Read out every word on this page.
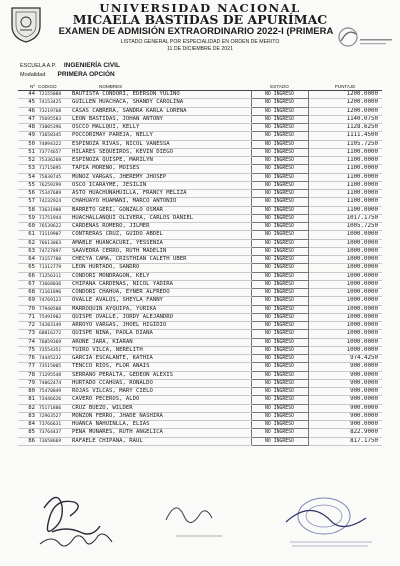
UNIVERSIDAD NACIONAL
MICAELA BASTIDAS DE APURÍMAC
EXAMEN DE ADMISIÓN EXTRAORDINARIO 2022-I (PRIMERA
LISTADO GENERAL POR ESPECIALIDAD EN ORDEN DE MERITO
11 DE DICIEMBRE DE 2021
ESCUELA A.P. INGENIERÍA CIVIL
Modalidad PRIMERA OPCIÓN
Nº	CODIGO	NOMBRES	ESTADO	PUNTAJE
44	72155088	BAUTISTA CONDORI, EDERSON YULIÑO	NO INGRESO	1200.0000
45	74153425	GUILLÉN HUACHACA, SHANDY CAROLINA	NO INGRESO	1200.0000
46	73219768	CASAS CABRERA, SANDRA KARLA LORENA	NO INGRESO	1200.0000
47	75695583	LEÓN BASTIDAS, JOHAN ANTONY	NO INGRESO	1140.0750
48	73005396	OSCCO MALLQUI, KELLY	NO INGRESO	1128.6250
49	73658345	POCCORIMAY PAREJA, NELLY	NO INGRESO	1111.4500
50	74894322	ESPINOZA RIVAS, NICOL VANESSA	NO INGRESO	1105.7250
51	73774657	HILARES SEQUEIROS, KEVIN DIEGO	NO INGRESO	1100.0000
52	75336268	ESPINOZA QUISPE, MARILYN	NO INGRESO	1100.0000
53	71715895	TAPIA MORENO, MOISES	NO INGRESO	1100.0000
54	75830745	MUÑOZ VARGAS, JHEREMY JHOSEP	NO INGRESO	1100.0000
55	76259299	OSCO ICARAYME, JESILIN	NO INGRESO	1100.0000
56	75347689	ASTO HUACHUÑAHUILLA, FRANCY MELIZA	NO INGRESO	1100.0000
57	74232924	CHAHUAYO HUAMANI, MARCO ANTONIO	NO INGRESO	1100.0000
58	73631908	BARRETO GERI, GONZALO OSMAR	NO INGRESO	1100.0000
59	71751944	HUACHALLANQUI OLIVERA, CARLOS DANIEL	NO INGRESO	1017.1750
60	76539622	CARDENAS ROMERO, JILMER	NO INGRESO	1005.7250
61	73119907	CONTRERAS CRUZ, GUIDO ABDEL	NO INGRESO	1000.0000
62	76613063	AMABLE HUANCACURI, YESSENIA	NO INGRESO	1000.0000
63	74727897	SAAVEDRA CERRO, RUTH MADELIN	NO INGRESO	1000.0000
64	73157700	CHECYA CAMA, CRISTHIAN CALETH UBER	NO INGRESO	1000.0000
65	71312779	LEÓN HURTADO, SANDRO	NO INGRESO	1000.0000
66	71256311	CONDORI MONDRAGON, KELY	NO INGRESO	1000.0000
67	71668036	CHIPANA CARDENAS, NICOL YADIRA	NO INGRESO	1000.0000
68	71161896	CONDORI CHAHUA, EYNER ALFREDO	NO INGRESO	1000.0000
69	74769123	OVALLE AVALOS, SHEYLA FANNY	NO INGRESO	1000.0000
70	77940508	MARROQUIN AYQUIPA, YURIKA	NO INGRESO	1000.0000
71	75491902	QUISPE OVALLE, JORDY ALEJANDRO	NO INGRESO	1000.0000
72	74383149	ARROYO VARGAS, JHOEL HIGIDIO	NO INGRESO	1000.0000
73	60816272	QUISPE NINA, PAOLA DIANA	NO INGRESO	1000.0000
74	76059369	ARONE JARA, KIARAN	NO INGRESO	1000.0000
75	73554351	TUIRO VILCA, NERELITH	NO INGRESO	1000.0000
76	74445232	GARCÍA ESCALANTE, KATHIA	NO INGRESO	974.4250
77	73515005	TENCCO RIOS, FLOR ANAIS	NO INGRESO	900.0000
78	71295548	SERRANO PERALTA, GEDEON ALEXIS	NO INGRESO	900.0000
79	74062474	HURTADO CCAHUAS, RONALDO	NO INGRESO	900.0000
80	75470849	ROJAS VILCAS, MARY CIELO	NO INGRESO	900.0000
81	73446626	CAVERO PECEROS, ALDO	NO INGRESO	900.0000
82	75171806	CRUZ BUEZO, WILDER	NO INGRESO	900.0000
83	72963527	MONZON FERRO, JHADE NASHIRA	NO INGRESO	900.0000
84	73766631	HUANCA ÑAHUINLLA, ELIAS	NO INGRESO	900.0000
85	73764437	PEÑA MUÑARES, RUTH ANGELICA	NO INGRESO	822.9000
86	73658669	RAFAELE CHIPANA, RAUL	NO INGRESO	817.1750
